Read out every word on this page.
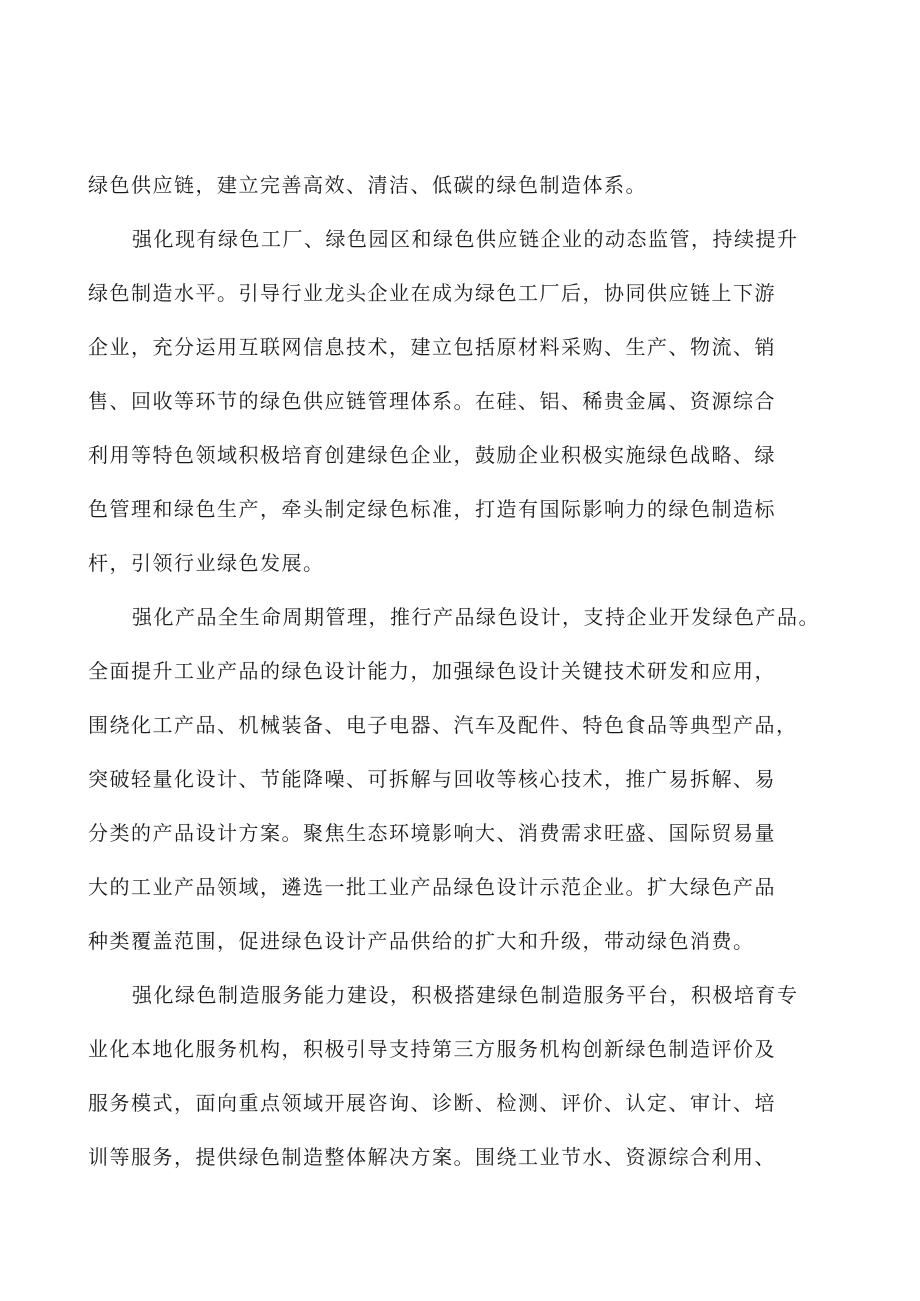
绿色供应链，建立完善高效、清洁、低碳的绿色制造体系。
强化现有绿色工厂、绿色园区和绿色供应链企业的动态监管，持续提升
绿色制造水平。引导行业龙头企业在成为绿色工厂后，协同供应链上下游
企业，充分运用互联网信息技术，建立包括原材料采购、生产、物流、销
售、回收等环节的绿色供应链管理体系。在硅、铝、稀贵金属、资源综合
利用等特色领域积极培育创建绿色企业，鼓励企业积极实施绿色战略、绿
色管理和绿色生产，牵头制定绿色标准，打造有国际影响力的绿色制造标
杆，引领行业绿色发展。
强化产品全生命周期管理，推行产品绿色设计，支持企业开发绿色产品。
全面提升工业产品的绿色设计能力，加强绿色设计关键技术研发和应用，
围绕化工产品、机械装备、电子电器、汽车及配件、特色食品等典型产品，
突破轻量化设计、节能降噪、可拆解与回收等核心技术，推广易拆解、易
分类的产品设计方案。聚焦生态环境影响大、消费需求旺盛、国际贸易量
大的工业产品领域，遴选一批工业产品绿色设计示范企业。扩大绿色产品
种类覆盖范围，促进绿色设计产品供给的扩大和升级，带动绿色消费。
强化绿色制造服务能力建设，积极搭建绿色制造服务平台，积极培育专
业化本地化服务机构，积极引导支持第三方服务机构创新绿色制造评价及
服务模式，面向重点领域开展咨询、诊断、检测、评价、认定、审计、培
训等服务，提供绿色制造整体解决方案。围绕工业节水、资源综合利用、
